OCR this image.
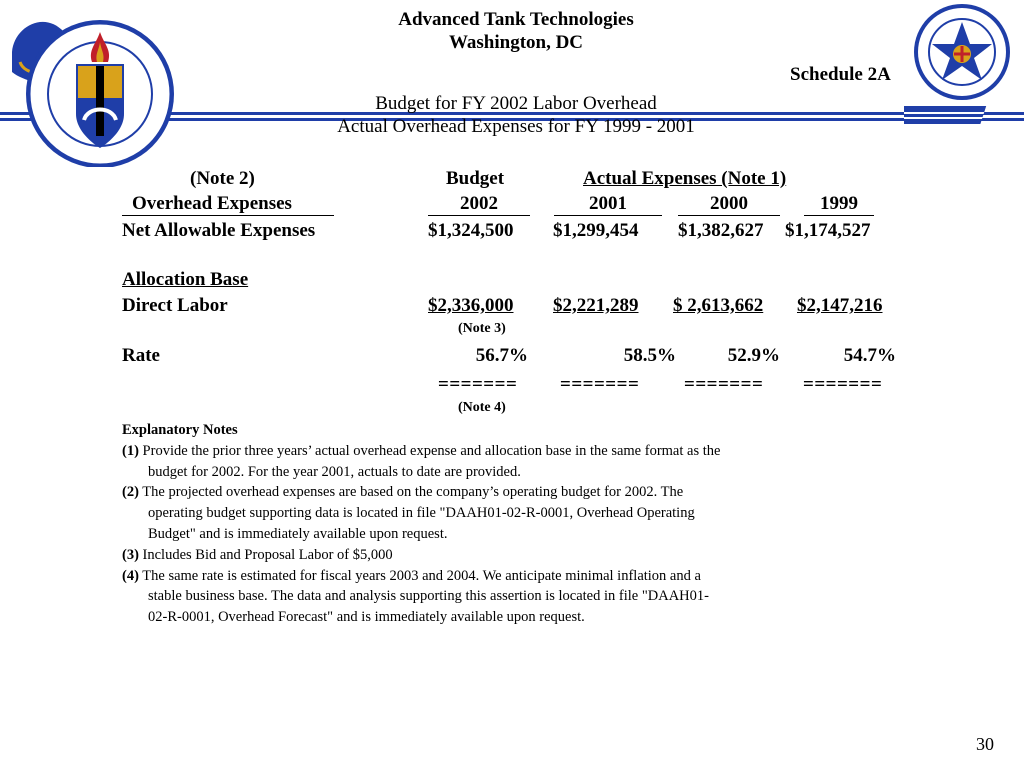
Advanced Tank Technologies
Washington, DC
Schedule 2A
Budget for FY 2002 Labor Overhead
Actual Overhead Expenses for FY 1999 - 2001
(Note 2)	Budget	Actual Expenses (Note 1)
Overhead Expenses	2002	2001	2000	1999
Net Allowable Expenses	$1,324,500 $1,299,454 $1,382,627 $1,174,527
Allocation Base
Direct Labor	$2,336,000 $2,221,289 $ 2,613,662 $2,147,216
(Note 3)
Rate	56.7%	58.5%	52.9%	54.7%
======= ======= ======= =======
(Note 4)
Explanatory Notes

(1) Provide the prior three years’ actual overhead expense and allocation base in the same format as the budget for 2002. For the year 2001, actuals to date are provided.

(2) The projected overhead expenses are based on the company’s operating budget for 2002. The operating budget supporting data is located in file "DAAH01-02-R-0001, Overhead Operating Budget" and is immediately available upon request.

(3) Includes Bid and Proposal Labor of $5,000

(4) The same rate is estimated for fiscal years 2003 and 2004. We anticipate minimal inflation and a stable business base. The data and analysis supporting this assertion is located in file "DAAH01-02-R-0001, Overhead Forecast" and is immediately available upon request.

30
